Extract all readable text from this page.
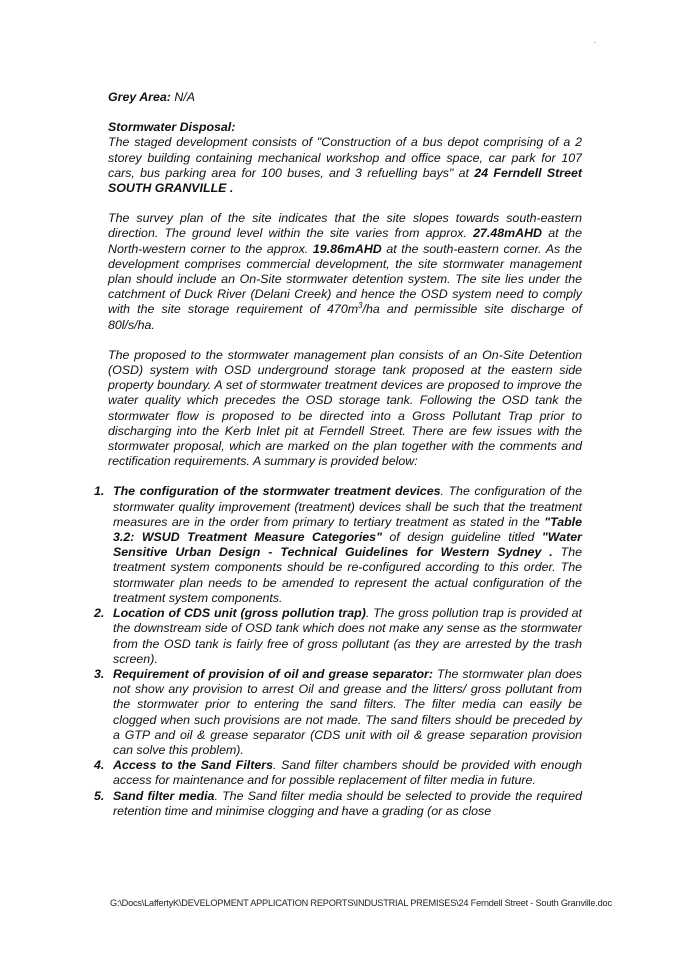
'

Grey Area: N/A

Stormwater Disposal:

The staged development consists of "Construction of a bus depot comprising of a 2 storey building containing mechanical workshop and office space, car park for 107 cars, bus parking area for 100 buses, and 3 refuelling bays" at 24 Ferndell Street SOUTH GRANVILLE .

The survey plan of the site indicates that the site slopes towards south-eastern direction. The ground level within the site varies from approx. 27.48mAHD at the North-western corner to the approx. 19.86mAHD at the south-eastern corner. As the development comprises commercial development, the site stormwater management plan should include an On-Site stormwater detention system. The site lies under the catchment of Duck River (Delani Creek) and hence the OSD system need to comply with the site storage requirement of $470m^3/ha$ and permissible site discharge of 80l/s/ha.

The proposed to the stormwater management plan consists of an On-Site Detention (OSD) system with OSD underground storage tank proposed at the eastern side property boundary. A set of stormwater treatment devices are proposed to improve the water quality which precedes the OSD storage tank. Following the OSD tank the stormwater flow is proposed to be directed into a Gross Pollutant Trap prior to discharging into the Kerb Inlet pit at Ferndell Street. There are few issues with the stormwater proposal, which are marked on the plan together with the comments and rectification requirements. A summary is provided below:

1. The configuration of the stormwater treatment devices. The configuration of the stormwater quality improvement (treatment) devices shall be such that the treatment measures are in the order from primary to tertiary treatment as stated in the "Table 3.2: WSUD Treatment Measure Categories" of design guideline titled "Water Sensitive Urban Design - Technical Guidelines for Western Sydney . The treatment system components should be re-configured according to this order. The stormwater plan needs to be amended to represent the actual configuration of the treatment system components.
2. Location of CDS unit (gross pollution trap). The gross pollution trap is provided at the downstream side of OSD tank which does not make any sense as the stormwater from the OSD tank is fairly free of gross pollutant (as they are arrested by the trash screen).
3. Requirement of provision of oil and grease separator: The stormwater plan does not show any provision to arrest Oil and grease and the litters/ gross pollutant from the stormwater prior to entering the sand filters. The filter media can easily be clogged when such provisions are not made. The sand filters should be preceded by a GTP and oil & grease separator (CDS unit with oil & grease separation provision can solve this problem).
4. Access to the Sand Filters. Sand filter chambers should be provided with enough access for maintenance and for possible replacement of filter media in future.
5. Sand filter media. The Sand filter media should be selected to provide the required retention time and minimise clogging and have a grading (or as close
G:\Docs\LaffertyK\DEVELOPMENT APPLICATION REPORTS\INDUSTRIAL PREMISES\24 Ferndell Street - South Granville.doc
